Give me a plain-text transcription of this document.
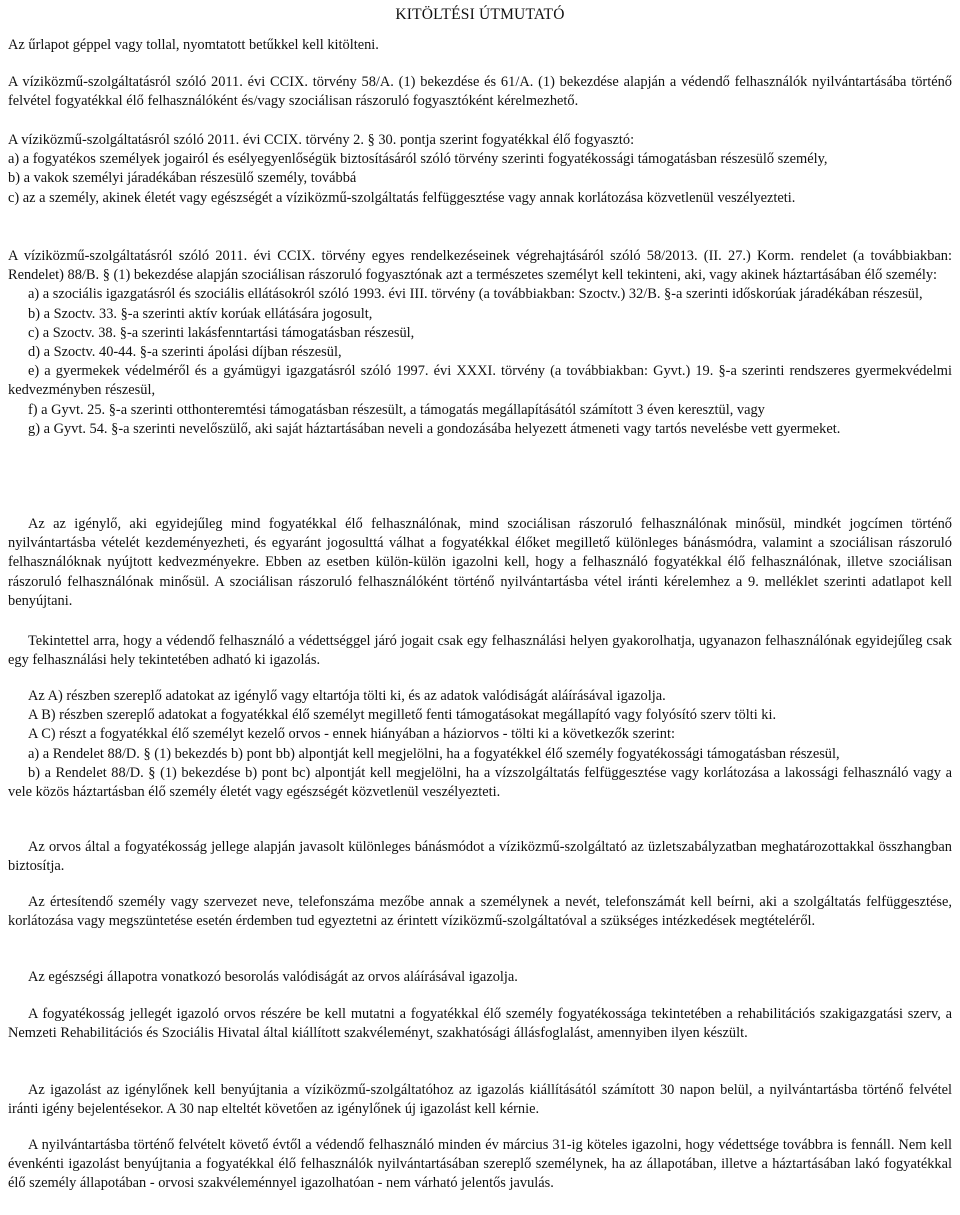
KITÖLTÉSI ÚTMUTATÓ

Az űrlapot géppel vagy tollal, nyomtatott betűkkel kell kitölteni.

A víziközmű-szolgáltatásról szóló 2011. évi CCIX. törvény 58/A. (1) bekezdése és 61/A. (1) bekezdése alapján a védendő felhasználók nyilvántartásába történő felvétel fogyatékkal élő felhasználóként és/vagy szociálisan rászoruló fogyasztóként kérelmezhető.

A víziközmű-szolgáltatásról szóló 2011. évi CCIX. törvény 2. § 30. pontja szerint fogyatékkal élő fogyasztó:

a) a fogyatékos személyek jogairól és esélyegyenlőségük biztosításáról szóló törvény szerinti fogyatékossági támogatásban részesülő személy,

b) a vakok személyi járadékában részesülő személy, továbbá

c) az a személy, akinek életét vagy egészségét a víziközmű-szolgáltatás felfüggesztése vagy annak korlátozása közvetlenül veszélyezteti.

A víziközmű-szolgáltatásról szóló 2011. évi CCIX. törvény egyes rendelkezéseinek végrehajtásáról szóló 58/2013. (II. 27.) Korm. rendelet (a továbbiakban: Rendelet) 88/B. § (1) bekezdése alapján szociálisan rászoruló fogyasztónak azt a természetes személyt kell tekinteni, aki, vagy akinek háztartásában élő személy:

a) a szociális igazgatásról és szociális ellátásokról szóló 1993. évi III. törvény (a továbbiakban: Szoctv.) 32/B. §-a szerinti időskorúak járadékában részesül,

b) a Szoctv. 33. §-a szerinti aktív korúak ellátására jogosult,

c) a Szoctv. 38. §-a szerinti lakásfenntartási támogatásban részesül,

d) a Szoctv. 40-44. §-a szerinti ápolási díjban részesül,

e) a gyermekek védelméről és a gyámügyi igazgatásról szóló 1997. évi XXXI. törvény (a továbbiakban: Gyvt.) 19. §-a szerinti rendszeres gyermekvédelmi kedvezményben részesül,

f) a Gyvt. 25. §-a szerinti otthonteremtési támogatásban részesült, a támogatás megállapításától számított 3 éven keresztül, vagy

g) a Gyvt. 54. §-a szerinti nevelőszülő, aki saját háztartásában neveli a gondozásába helyezett átmeneti vagy tartós nevelésbe vett gyermeket.

Az az igénylő, aki egyidejűleg mind fogyatékkal élő felhasználónak, mind szociálisan rászoruló felhasználónak minősül, mindkét jogcímen történő nyilvántartásba vételét kezdeményezheti, és egyaránt jogosulttá válhat a fogyatékkal élőket megillető különleges bánásmódra, valamint a szociálisan rászoruló felhasználóknak nyújtott kedvezményekre. Ebben az esetben külön-külön igazolni kell, hogy a felhasználó fogyatékkal élő felhasználónak, illetve szociálisan rászoruló felhasználónak minősül. A szociálisan rászoruló felhasználóként történő nyilvántartásba vétel iránti kérelemhez a 9. melléklet szerinti adatlapot kell benyújtani.

Tekintettel arra, hogy a védendő felhasználó a védettséggel járó jogait csak egy felhasználási helyen gyakorolhatja, ugyanazon felhasználónak egyidejűleg csak egy felhasználási hely tekintetében adható ki igazolás.

Az A) részben szereplő adatokat az igénylő vagy eltartója tölti ki, és az adatok valódiságát aláírásával igazolja.

A B) részben szereplő adatokat a fogyatékkal élő személyt megillető fenti támogatásokat megállapító vagy folyósító szerv tölti ki.

A C) részt a fogyatékkal élő személyt kezelő orvos - ennek hiányában a háziorvos - tölti ki a következők szerint:

a) a Rendelet 88/D. § (1) bekezdés b) pont bb) alpontját kell megjelölni, ha a fogyatékkel élő személy fogyatékossági támogatásban részesül,

b) a Rendelet 88/D. § (1) bekezdése b) pont bc) alpontját kell megjelölni, ha a vízszolgáltatás felfüggesztése vagy korlátozása a lakossági felhasználó vagy a vele közös háztartásban élő személy életét vagy egészségét közvetlenül veszélyezteti.

Az orvos által a fogyatékosság jellege alapján javasolt különleges bánásmódot a víziközmű-szolgáltató az üzletszabályzatban meghatározottakkal összhangban biztosítja.

Az értesítendő személy vagy szervezet neve, telefonszáma mezőbe annak a személynek a nevét, telefonszámát kell beírni, aki a szolgáltatás felfüggesztése, korlátozása vagy megszüntetése esetén érdemben tud egyeztetni az érintett víziközmű-szolgáltatóval a szükséges intézkedések megtételéről.

Az egészségi állapotra vonatkozó besorolás valódiságát az orvos aláírásával igazolja.

A fogyatékosság jellegét igazoló orvos részére be kell mutatni a fogyatékkal élő személy fogyatékossága tekintetében a rehabilitációs szakigazgatási szerv, a Nemzeti Rehabilitációs és Szociális Hivatal által kiállított szakvéleményt, szakhatósági állásfoglalást, amennyiben ilyen készült.

Az igazolást az igénylőnek kell benyújtania a víziközmű-szolgáltatóhoz az igazolás kiállításától számított 30 napon belül, a nyilvántartásba történő felvétel iránti igény bejelentésekor. A 30 nap elteltét követően az igénylőnek új igazolást kell kérnie.

A nyilvántartásba történő felvételt követő évtől a védendő felhasználó minden év március 31-ig köteles igazolni, hogy védettsége továbbra is fennáll. Nem kell évenkénti igazolást benyújtania a fogyatékkal élő felhasználók nyilvántartásában szereplő személynek, ha az állapotában, illetve a háztartásában lakó fogyatékkal élő személy állapotában - orvosi szakvéleménnyel igazolhatóan - nem várható jelentős javulás.
